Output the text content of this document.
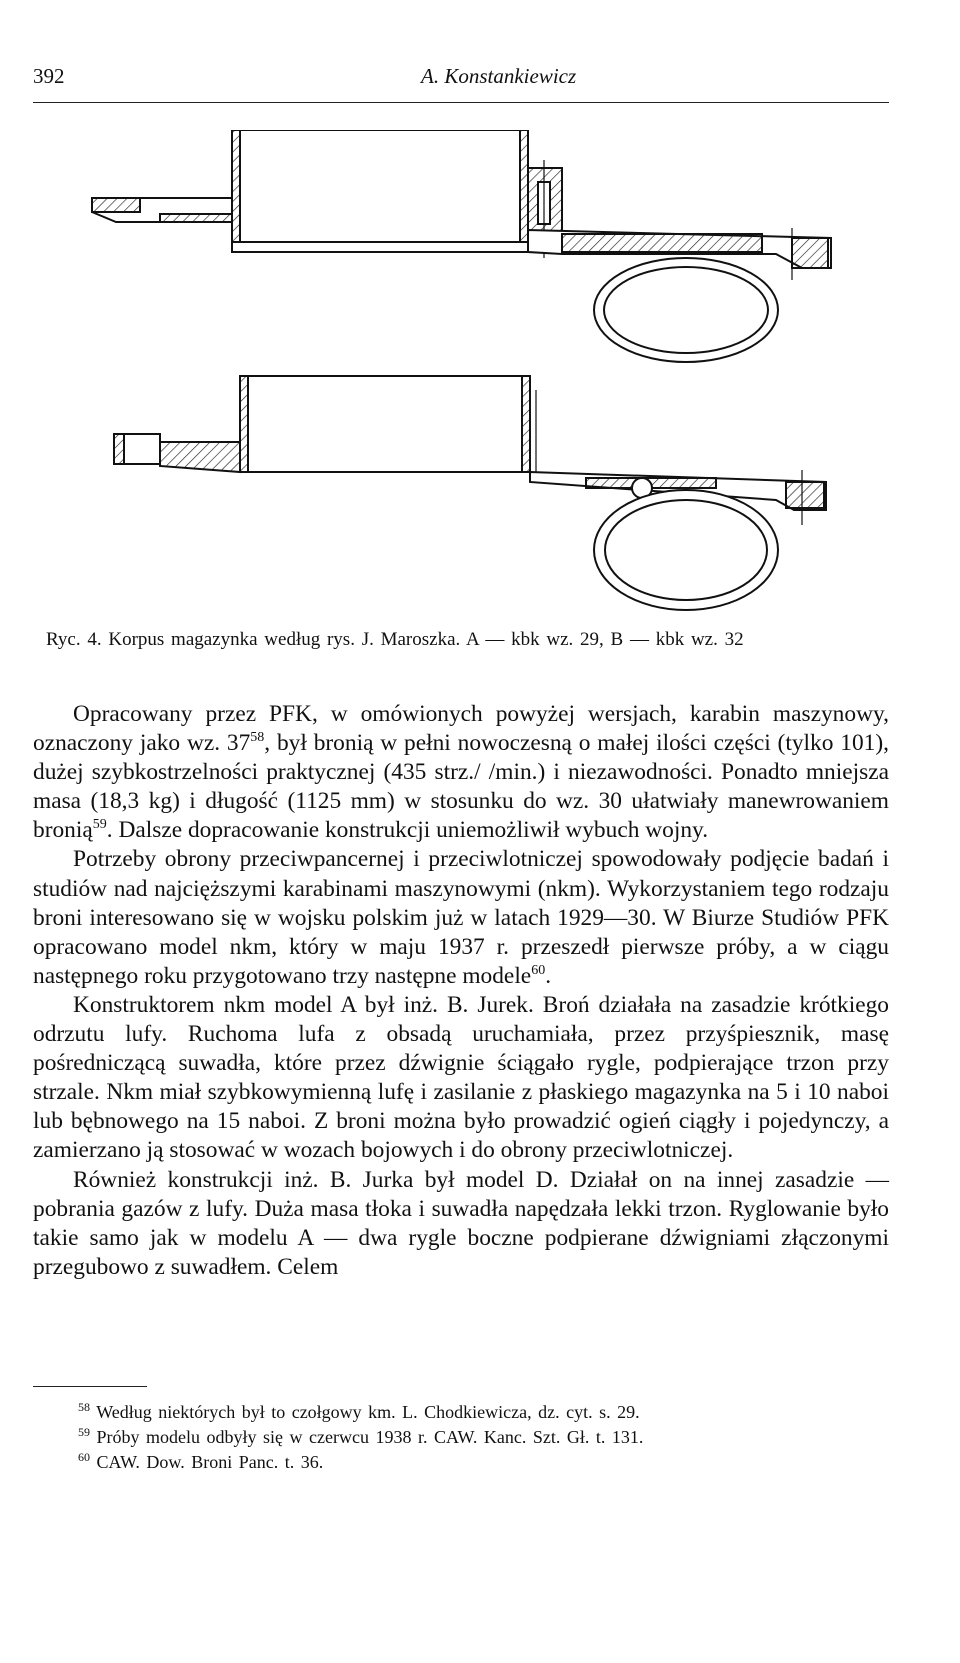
392	A. Konstankiewicz
Ryc. 4. Korpus magazynka według rys. J. Maroszka. A — kbk wz. 29, B — kbk wz. 32

Opracowany przez PFK, w omówionych powyżej wersjach, karabin maszynowy, oznaczony jako wz. $37^{58}$, był bronią w pełni nowoczesną o małej ilości części (tylko 101), dużej szybkostrzelności praktycznej (435 strz./ /min.) i niezawodności. Ponadto mniejsza masa (18,3 kg) i długość (1125 mm) w stosunku do wz. 30 ułatwiały manewrowaniem bronią$^{59}$. Dalsze dopracowanie konstrukcji uniemożliwił wybuch wojny.

Potrzeby obrony przeciwpancernej i przeciwlotniczej spowodowały podjęcie badań i studiów nad najcięższymi karabinami maszynowymi (nkm). Wykorzystaniem tego rodzaju broni interesowano się w wojsku polskim już w latach 1929—30. W Biurze Studiów PFK opracowano model nkm, który w maju 1937 r. przeszedł pierwsze próby, a w ciągu następnego roku przygotowano trzy następne modele$^{60}$.

Konstruktorem nkm model A był inż. B. Jurek. Broń działała na zasadzie krótkiego odrzutu lufy. Ruchoma lufa z obsadą uruchamiała, przez przyśpiesznik, masę pośredniczącą suwadła, które przez dźwignie ściągało rygle, podpierające trzon przy strzale. Nkm miał szybkowymienną lufę i zasilanie z płaskiego magazynka na 5 i 10 naboi lub bębnowego na 15 naboi. Z broni można było prowadzić ogień ciągły i pojedynczy, a zamierzano ją stosować w wozach bojowych i do obrony przeciwlotniczej.

Również konstrukcji inż. B. Jurka był model D. Działał on na innej zasadzie — pobrania gazów z lufy. Duża masa tłoka i suwadła napędzała lekki trzon. Ryglowanie było takie samo jak w modelu A — dwa rygle boczne podpierane dźwigniami złączonymi przegubowo z suwadłem. Celem

$^{58}$ Według niektórych był to czołgowy km. L. Chodkiewicza, dz. cyt. s. 29.

$^{59}$ Próby modelu odbyły się w czerwcu 1938 r. CAW. Kanc. Szt. Gł. t. 131.

$^{60}$ CAW. Dow. Broni Panc. t. 36.
